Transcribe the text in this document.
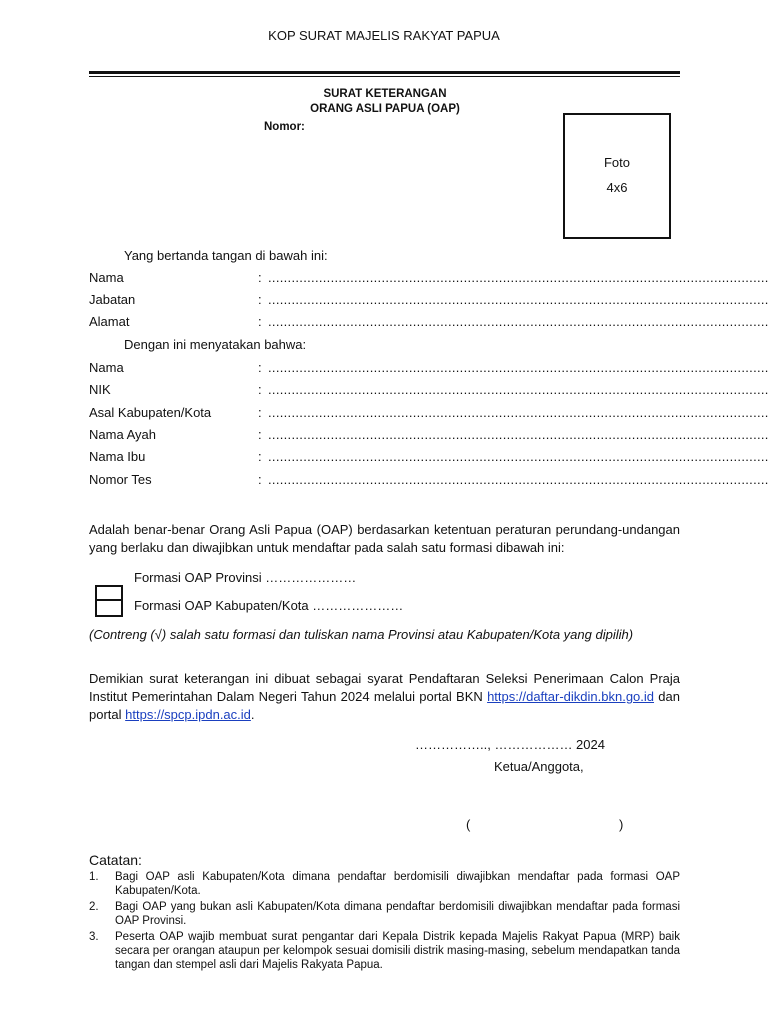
KOP SURAT MAJELIS RAKYAT PAPUA
SURAT KETERANGAN
ORANG ASLI PAPUA (OAP)
Nomor:
Foto
4x6
Yang bertanda tangan di bawah ini:
Nama	: ................................................................................................................................
Jabatan	: ................................................................................................................................
Alamat	: ................................................................................................................................
Dengan ini menyatakan bahwa:
Nama	: ................................................................................................................................
NIK	: ................................................................................................................................
Asal Kabupaten/Kota	: ................................................................................................................................
Nama Ayah	: ................................................................................................................................
Nama Ibu	: ................................................................................................................................
Nomor Tes	: ................................................................................................................................
Adalah benar-benar Orang Asli Papua (OAP) berdasarkan ketentuan peraturan perundang-undangan yang berlaku dan diwajibkan untuk mendaftar pada salah satu formasi dibawah ini:
Formasi OAP Provinsi …………………
Formasi OAP Kabupaten/Kota …………………
(Contreng (√) salah satu formasi dan tuliskan nama Provinsi atau Kabupaten/Kota yang dipilih)
Demikian surat keterangan ini dibuat sebagai syarat Pendaftaran Seleksi Penerimaan Calon Praja Institut Pemerintahan Dalam Negeri Tahun 2024 melalui portal BKN https://daftar-dikdin.bkn.go.id dan portal https://spcp.ipdn.ac.id.
…………….., ……………… 2024
Ketua/Anggota,
(	)
Catatan:

1. Bagi OAP asli Kabupaten/Kota dimana pendaftar berdomisili diwajibkan mendaftar pada formasi OAP Kabupaten/Kota.

2. Bagi OAP yang bukan asli Kabupaten/Kota dimana pendaftar berdomisili diwajibkan mendaftar pada formasi OAP Provinsi.

3. Peserta OAP wajib membuat surat pengantar dari Kepala Distrik kepada Majelis Rakyat Papua (MRP) baik secara per orangan ataupun per kelompok sesuai domisili distrik masing-masing, sebelum mendapatkan tanda tangan dan stempel asli dari Majelis Rakyata Papua.
